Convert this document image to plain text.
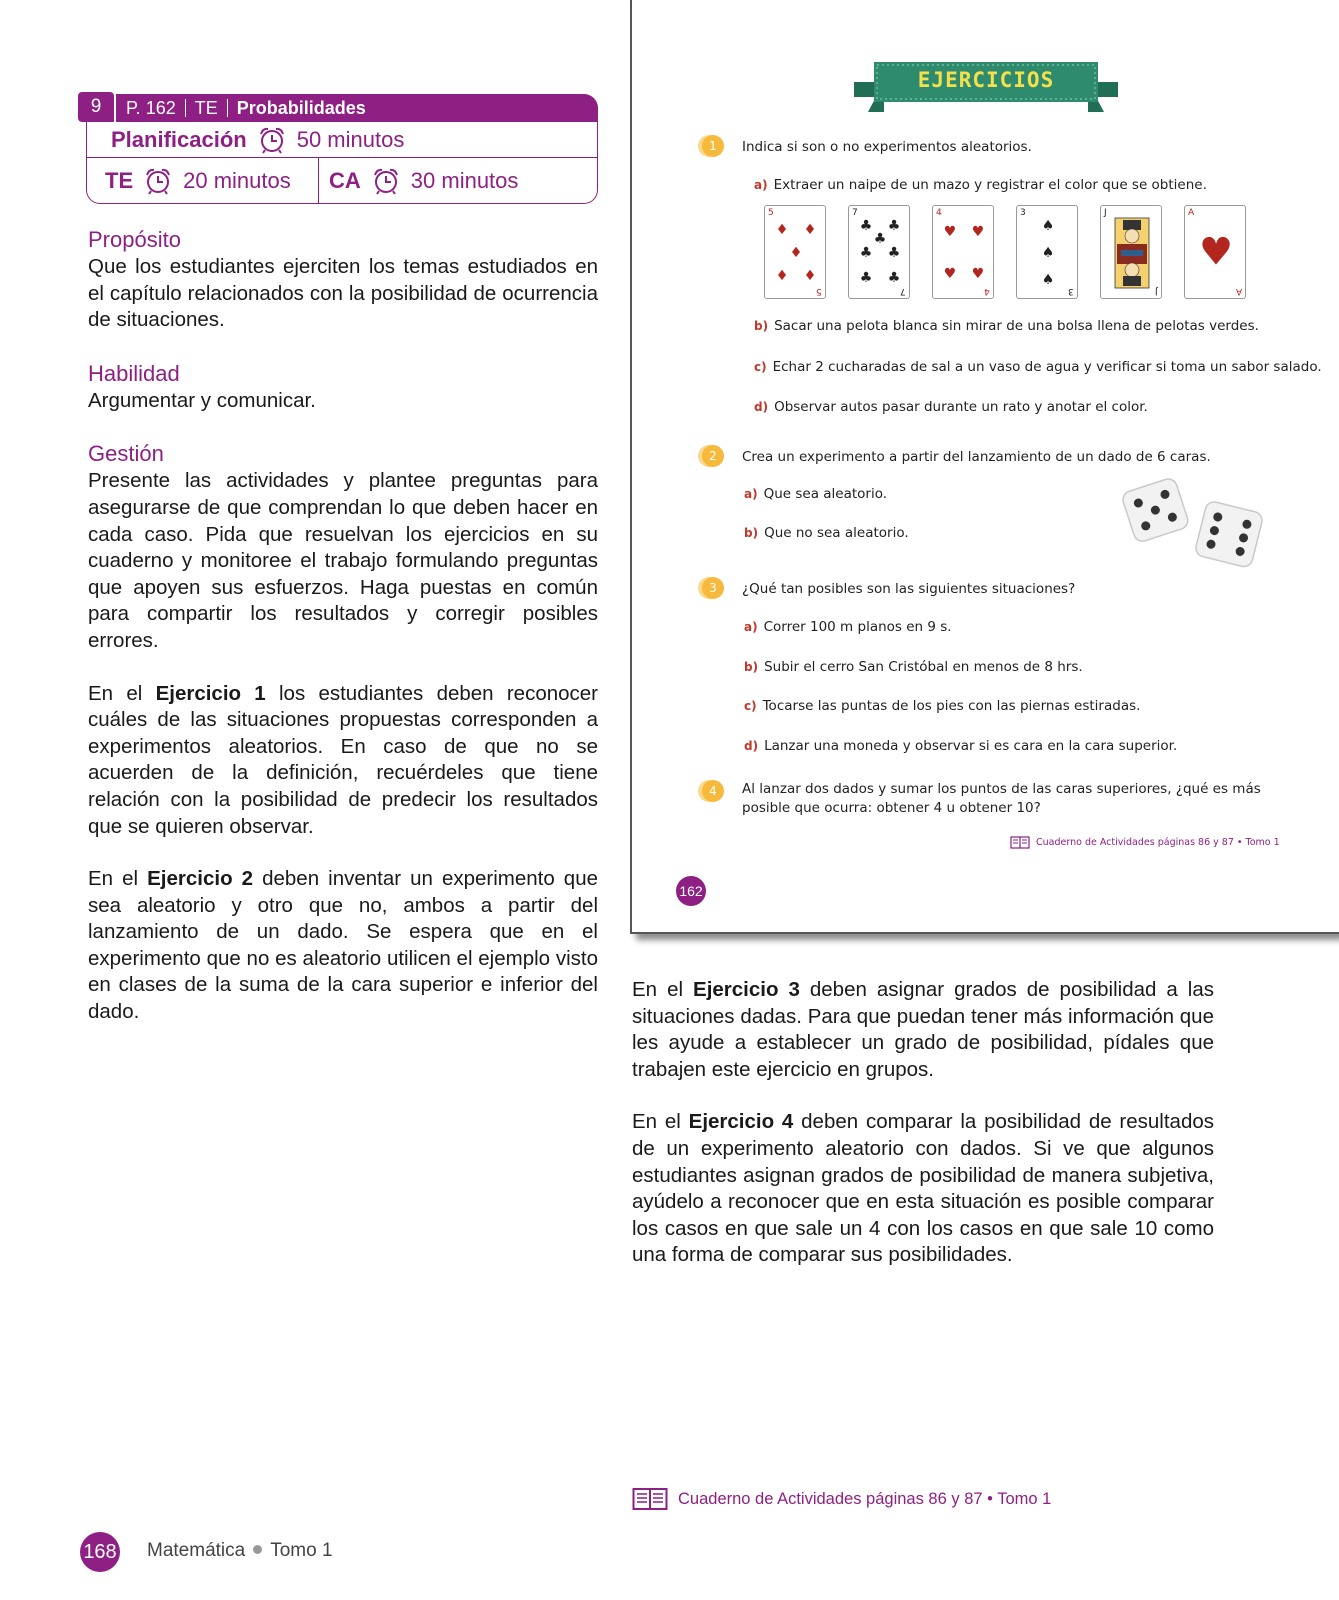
9	P. 162 TE Probabilidades
Planificación 50 minutos
TE 20 minutos CA 30 minutos
Propósito

Que los estudiantes ejerciten los temas estudiados en el capítulo relacionados con la posibilidad de ocurrencia de situaciones.

Habilidad

Argumentar y comunicar.

Gestión

Presente las actividades y plantee preguntas para asegurarse de que comprendan lo que deben hacer en cada caso. Pida que resuelvan los ejercicios en su cuaderno y monitoree el trabajo formulando preguntas que apoyen sus esfuerzos. Haga puestas en común para compartir los resultados y corregir posibles errores.

En el Ejercicio 1 los estudiantes deben reconocer cuáles de las situaciones propuestas corresponden a experimentos aleatorios. En caso de que no se acuerden de la definición, recuérdeles que tiene relación con la posibilidad de predecir los resultados que se quieren observar.

En el Ejercicio 2 deben inventar un experimento que sea aleatorio y otro que no, ambos a partir del lanzamiento de un dado. Se espera que en el experimento que no es aleatorio utilicen el ejemplo visto en clases de la suma de la cara superior e inferior del dado.

En el Ejercicio 3 deben asignar grados de posibilidad a las situaciones dadas. Para que puedan tener más información que les ayude a establecer un grado de posibilidad, pídales que trabajen este ejercicio en grupos.

En el Ejercicio 4 deben comparar la posibilidad de resultados de un experimento aleatorio con dados. Si ve que algunos estudiantes asignan grados de posibilidad de manera subjetiva, ayúdelo a reconocer que en esta situación es posible comparar los casos en que sale un 4 con los casos en que sale 10 como una forma de comparar sus posibilidades.

EJERCICIOS
1	Indica si son o no experimentos aleatorios.
a) Extraer un naipe de un mazo y registrar el color que se obtiene.
5
5
♦ ♦
♦
♦ ♦
7
7
♣ ♣
♣
♣ ♣
♣ ♣
4
4
♥ ♥
♥ ♥
3
3
♠
♠
♠
J
J
A
A
♥
b) Sacar una pelota blanca sin mirar de una bolsa llena de pelotas verdes.
c) Echar 2 cucharadas de sal a un vaso de agua y verificar si toma un sabor salado.
d) Observar autos pasar durante un rato y anotar el color.
2	Crea un experimento a partir del lanzamiento de un dado de 6 caras.
a) Que sea aleatorio.
b) Que no sea aleatorio.
3	¿Qué tan posibles son las siguientes situaciones?
a) Correr 100 m planos en 9 s.
b) Subir el cerro San Cristóbal en menos de 8 hrs.
c) Tocarse las puntas de los pies con las piernas estiradas.
d) Lanzar una moneda y observar si es cara en la cara superior.
4	Al lanzar dos dados y sumar los puntos de las caras superiores, ¿qué es más
posible que ocurra: obtener 4 u obtener 10?
Cuaderno de Actividades páginas 86 y 87 • Tomo 1
162
Cuaderno de Actividades páginas 86 y 87 • Tomo 1
168 Matemática Tomo 1
